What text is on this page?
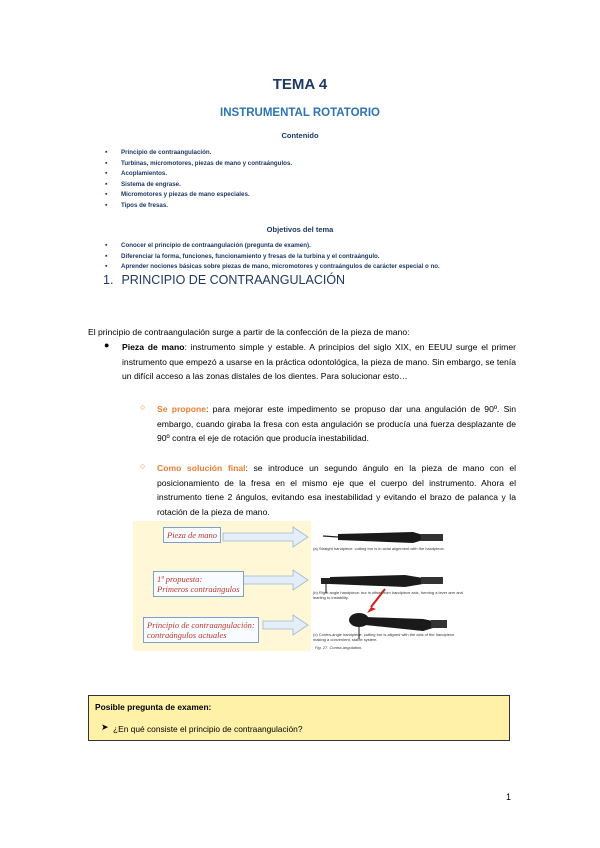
TEMA 4
INSTRUMENTAL ROTATORIO
Contenido
▪ Principio de contraangulación.
▪ Turbinas, micromotores, piezas de mano y contraángulos.
▪ Acoplamientos.
▪ Sistema de engrase.
▪ Micromotores y piezas de mano especiales.
▪ Tipos de fresas.
Objetivos del tema
▪ Conocer el principio de contraangulación (pregunta de examen).
▪ Diferenciar la forma, funciones, funcionamiento y fresas de la turbina y el contraángulo.
▪ Aprender nociones básicas sobre piezas de mano, micromotores y contraángulos de carácter especial o no.
1. PRINCIPIO DE CONTRAANGULACIÓN
El principio de contraangulación surge a partir de la confección de la pieza de mano:
● Pieza de mano: instrumento simple y estable. A principios del siglo XIX, en EEUU surge el primer instrumento que empezó a usarse en la práctica odontológica, la pieza de mano. Sin embargo, se tenía un difícil acceso a las zonas distales de los dientes. Para solucionar esto…
○ Se propone: para mejorar este impedimento se propuso dar una angulación de 90º. Sin embargo, cuando giraba la fresa con esta angulación se producía una fuerza desplazante de 90º contra el eje de rotación que producía inestabilidad.
○ Como solución final: se introduce un segundo ángulo en la pieza de mano con el posicionamiento de la fresa en el mismo eje que el cuerpo del instrumento. Ahora el instrumento tiene 2 ángulos, evitando esa inestabilidad y evitando el brazo de palanca y la rotación de la pieza de mano.
Pieza de mano
1ª propuesta:
Primeros contraángulos
Principio de contraangulación:
contraángulos actuales
(a) Straight handpiece: cutting bur is in axial alignment with the handpiece.
(b) Right angle handpiece: bur is offset from handpiece axis, forming a lever arm and leading to instability.
(c) Contra-angle handpiece: cutting bur is aligned with the axis of the handpiece making a convenient, stable system.
Fig. 27. Contra-angulation.
Posible pregunta de examen:
➤ ¿En qué consiste el principio de contraangulación?
1
